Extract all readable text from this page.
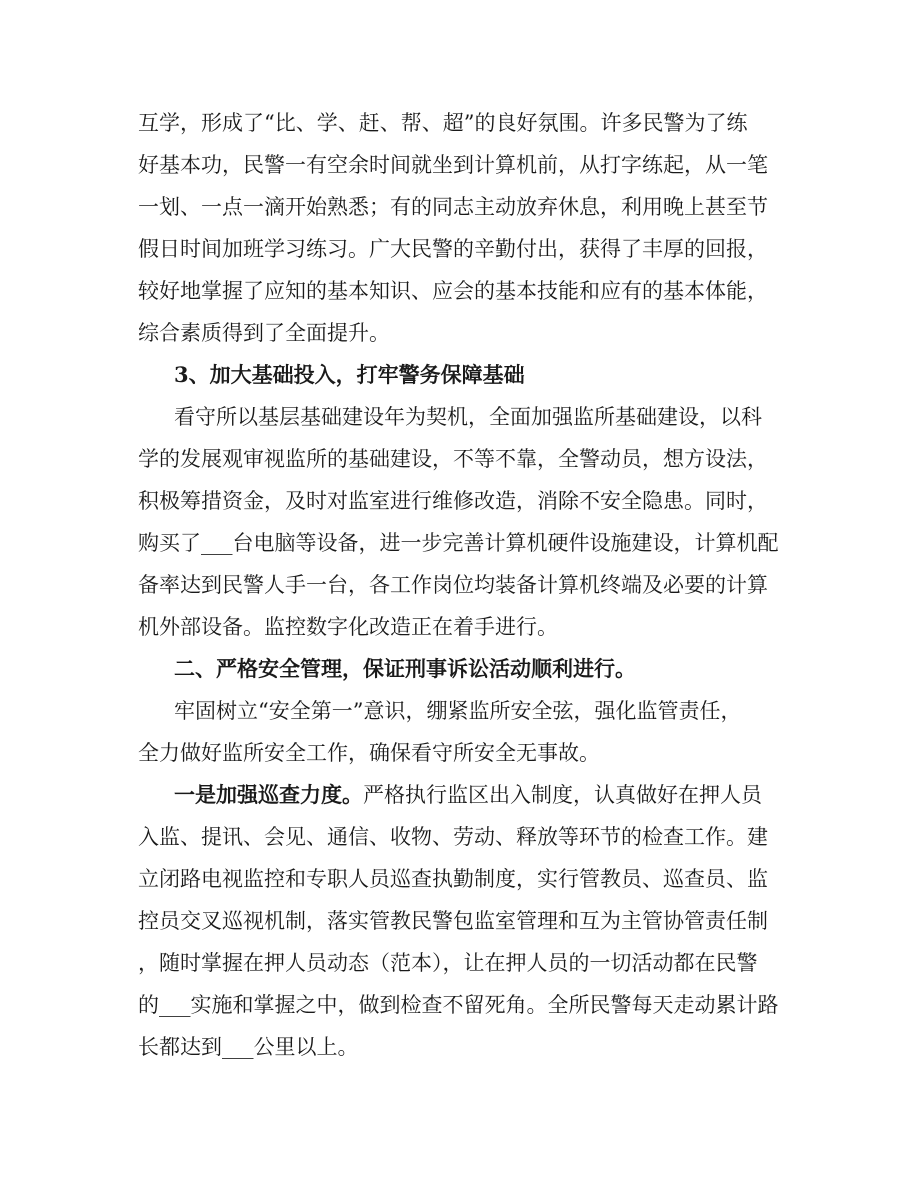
互学，形成了“比、学、赶、帮、超”的良好氛围。许多民警为了练
好基本功，民警一有空余时间就坐到计算机前，从打字练起，从一笔
一划、一点一滴开始熟悉；有的同志主动放弃休息，利用晚上甚至节
假日时间加班学习练习。广大民警的辛勤付出，获得了丰厚的回报，
较好地掌握了应知的基本知识、应会的基本技能和应有的基本体能，
综合素质得到了全面提升。
3、加大基础投入，打牢警务保障基础
看守所以基层基础建设年为契机，全面加强监所基础建设，以科
学的发展观审视监所的基础建设，不等不靠，全警动员，想方设法，
积极筹措资金，及时对监室进行维修改造，消除不安全隐患。同时，
购买了___台电脑等设备，进一步完善计算机硬件设施建设，计算机配
备率达到民警人手一台，各工作岗位均装备计算机终端及必要的计算
机外部设备。监控数字化改造正在着手进行。
二、严格安全管理，保证刑事诉讼活动顺利进行。
牢固树立“安全第一”意识，绷紧监所安全弦，强化监管责任，
全力做好监所安全工作，确保看守所安全无事故。
一是加强巡查力度。严格执行监区出入制度，认真做好在押人员
入监、提讯、会见、通信、收物、劳动、释放等环节的检查工作。建
立闭路电视监控和专职人员巡查执勤制度，实行管教员、巡查员、监
控员交叉巡视机制，落实管教民警包监室管理和互为主管协管责任制
，随时掌握在押人员动态（范本），让在押人员的一切活动都在民警
的___实施和掌握之中，做到检查不留死角。全所民警每天走动累计路
长都达到___公里以上。
